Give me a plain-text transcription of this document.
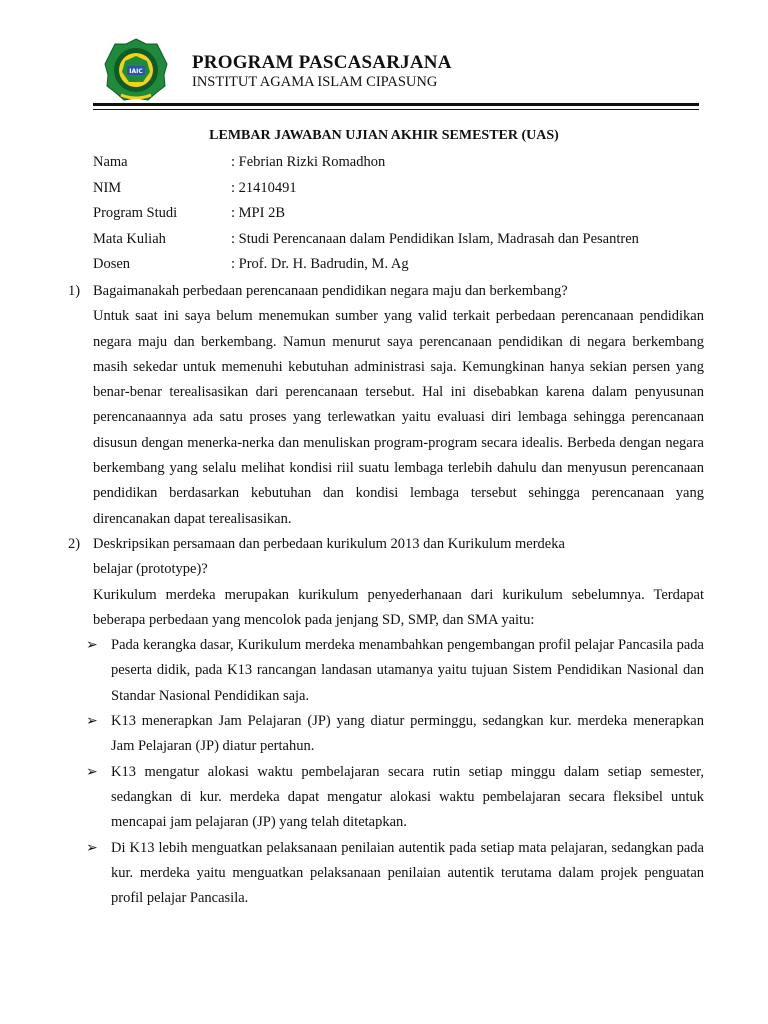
IAIC	PROGRAM PASCASARJANA
INSTITUT AGAMA ISLAM CIPASUNG
LEMBAR JAWABAN UJIAN AKHIR SEMESTER (UAS)
Nama	: Febrian Rizki Romadhon
NIM	: 21410491
Program Studi	: MPI 2B
Mata Kuliah	: Studi Perencanaan dalam Pendidikan Islam, Madrasah dan Pesantren
Dosen	: Prof. Dr. H. Badrudin, M. Ag
1) Bagaimanakah perbedaan perencanaan pendidikan negara maju dan berkembang?
Untuk saat ini saya belum menemukan sumber yang valid terkait perbedaan perencanaan pendidikan negara maju dan berkembang. Namun menurut saya perencanaan pendidikan di negara berkembang masih sekedar untuk memenuhi kebutuhan administrasi saja. Kemungkinan hanya sekian persen yang benar-benar terealisasikan dari perencanaan tersebut. Hal ini disebabkan karena dalam penyusunan perencanaannya ada satu proses yang terlewatkan yaitu evaluasi diri lembaga sehingga perencanaan disusun dengan menerka-nerka dan menuliskan program-program secara idealis. Berbeda dengan negara berkembang yang selalu melihat kondisi riil suatu lembaga terlebih dahulu dan menyusun perencanaan pendidikan berdasarkan kebutuhan dan kondisi lembaga tersebut sehingga perencanaan yang direncanakan dapat terealisasikan.
2) Deskripsikan persamaan dan perbedaan kurikulum 2013 dan Kurikulum merdeka
belajar (prototype)?
Kurikulum merdeka merupakan kurikulum penyederhanaan dari kurikulum sebelumnya. Terdapat beberapa perbedaan yang mencolok pada jenjang SD, SMP, dan SMA yaitu:
➢ Pada kerangka dasar, Kurikulum merdeka menambahkan pengembangan profil pelajar Pancasila pada peserta didik, pada K13 rancangan landasan utamanya yaitu tujuan Sistem Pendidikan Nasional dan Standar Nasional Pendidikan saja.
➢ K13 menerapkan Jam Pelajaran (JP) yang diatur perminggu, sedangkan kur. merdeka menerapkan Jam Pelajaran (JP) diatur pertahun.
➢ K13 mengatur alokasi waktu pembelajaran secara rutin setiap minggu dalam setiap semester, sedangkan di kur. merdeka dapat mengatur alokasi waktu pembelajaran secara fleksibel untuk mencapai jam pelajaran (JP) yang telah ditetapkan.
➢ Di K13 lebih menguatkan pelaksanaan penilaian autentik pada setiap mata pelajaran, sedangkan pada kur. merdeka yaitu menguatkan pelaksanaan penilaian autentik terutama dalam projek penguatan profil pelajar Pancasila.
